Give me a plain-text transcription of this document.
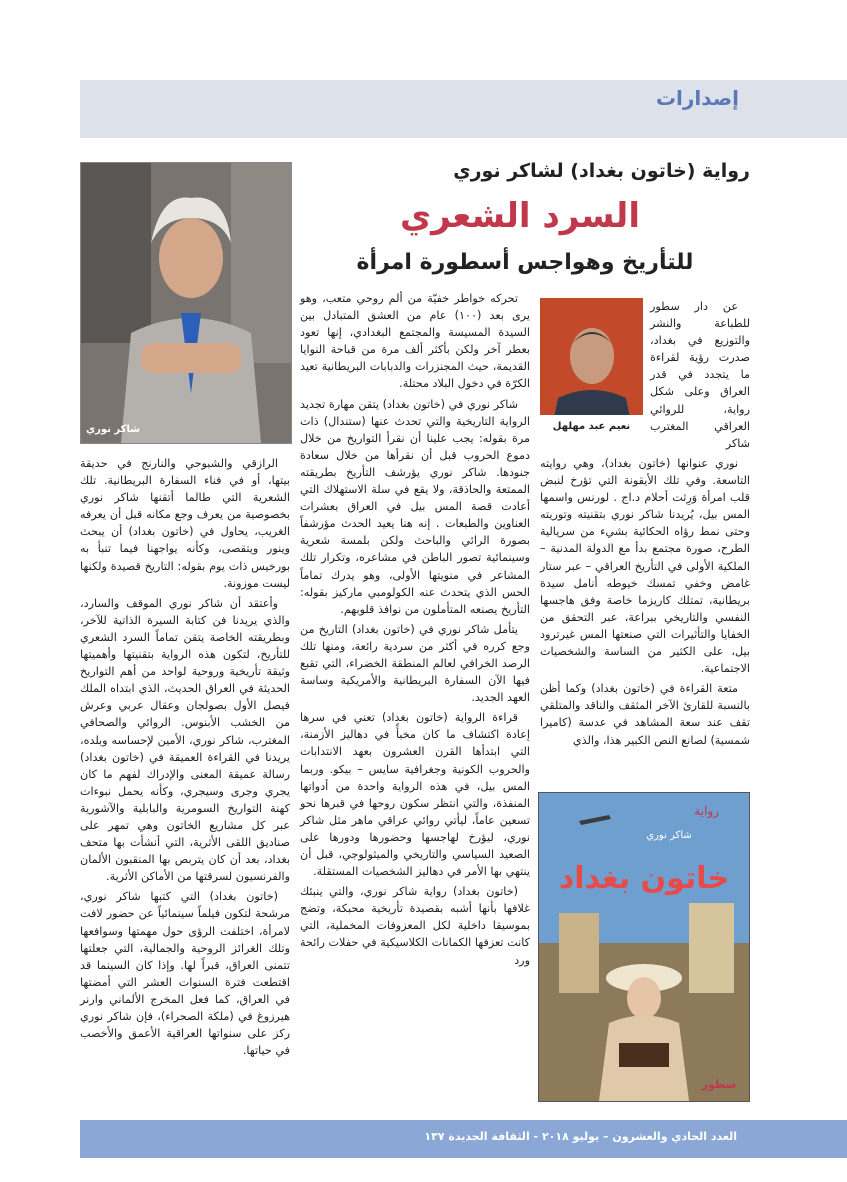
إصدارات
شاكر نوري
رواية (خاتون بغداد) لشاكر نوري
السرد الشعري
للتأريخ وهواجس أسطورة امرأة
نعيم عبد مهلهل

عن دار سطور للطباعة والنشر والتوزيع في بغداد، صدرت رؤية لقراءة ما يتجدد في قدر العراق وعلى شكل رواية، للروائي العراقي المغترب شاكر

نوري عنوانها (خاتون بغداد)، وهي روايته التاسعة. وفي تلك الأيقونة التي تؤرخ لنبض قلب امرأة وَرِثت أحلام د.اج . لورنس واسمها المس بيل، يُريدنا شاكر نوري بتقنيته وتوريته وحتى نمط رؤاه الحكائية بشيء من سريالية الطرح، صورة مجتمع بدأ مع الدولة المدنية – الملكية الأولى في التأريخ العراقي – عبر ستار غامض وخفي تمسك خيوطه أنامل سيدة بريطانية، تمتلك كاريزما خاصة وفق هاجسها النفسي والتاريخي ببراعة، عبر التحقق من الخفايا والتأثيرات التي صنعتها المس غيرترود بيل، على الكثير من الساسة والشخصيات الاجتماعية.

متعة القراءة في (خاتون بغداد) وكما أظن بالنسبة للقارئ الآخر المثقف والناقد والمتلقي تقف عند سعة المشاهد في عدسة (كاميرا شمسية) لصانع النص الكبير هذا، والذي

تحركه خواطر خفيّة من ألم روحي متعب، وهو يرى بعد (١٠٠) عام من العشق المتبادل بين السيدة المسيسة والمجتمع البغدادي، إنها تعود بعطر آخر ولكن بأكثر ألف مرة من قباحة النوايا القديمة، حيث المجنزرات والدبابات البريطانية تعيد الكرّة في دخول البلاد محتلة.

شاكر نوري في (خاتون بغداد) يتقن مهارة تجديد الرواية التاريخية والتي تحدث عنها (ستندال) ذات مرة بقوله: يجب علينا أن نقرأ التواريخ من خلال دموع الحروب قبل أن نقرأها من خلال سعادة جنودها. شاكر نوري يؤرشف التأريخ بطريقته الممتعة والحاذقة، ولا يقع في سلة الاستهلاك التي أعادت قصة المس بيل في العراق بعشرات العناوين والطبعات . إنه هنا يعيد الحدث مؤرشفاً بصورة الرائي والباحث ولكن بلمسة شعرية وسينمائية تصور الباطن في مشاعره، وتكرار تلك المشاعر في منويتها الأولى، وهو يدرك تماماً الحس الذي يتحدث عنه الكولومبي ماركيز بقوله: التأريخ يصنعه المتأملون من نوافذ قلوبهم.

يتأمل شاكر نوري في (خاتون بغداد) التاريخ من وجع كرره في أكثر من سردية رائعة، ومنها تلك الرصد الخرافي لعالم المنطقة الخضراء، التي تقبع فيها الآن السفارة البريطانية والأمريكية وساسة العهد الجديد.

قراءة الرواية (خاتون بغداد) تعني في سرها إعادة اكتشاف ما كان مخبأً في دهاليز الأزمنة، التي ابتدأها القرن العشرون بعهد الانتدابات والحروب الكونية وجغرافية سايس – بيكو. وربما المس بيل، في هذه الرواية واحدة من أدواتها المنفذة، والتي انتظر سكون روحها في قبرها نحو تسعين عاماً، ليأتي روائي عراقي ماهر مثل شاكر نوري، ليؤرخ لهاجسها وحضورها ودورها على الصعيد السياسي والتاريخي والميثولوجي، قبل أن ينتهي بها الأمر في دهاليز الشخصيات المستقلة.

(خاتون بغداد) رواية شاكر نوري، والتي ينبئك غلافها بأنها أشبه بقصيدة تأريخية محبكة، وتضج بموسيقا داخلية لكل المعزوفات المخملية، التي كانت تعزفها الكمانات الكلاسيكية في حفلات رائحة ورد

الرازقي والشبوحي والنارنج في حديقة بيتها، أو في فناء السفارة البريطانية. تلك الشعرية التي طالما أتقنها شاكر نوري بخصوصية من يعرف وجع مكانه قبل أن يعرفه الغريب، يحاول في (خاتون بغداد) أن يبحث وينور ويتقصى، وكأنه يواجهنا فيما تنبأ به بورخيس ذات يوم بقوله: التاريخ قصيدة ولكنها ليست موزونة.

وأعتقد أن شاكر نوري الموقف والسارد، والذي يريدنا فن كتابة السيرة الذاتية للآخر، وبطريقته الخاصة يتقن تماماً السرد الشعري للتأريخ، لتكون هذه الرواية بتقنيتها وأهميتها وثيقة تأريخية وروحية لواحد من أهم التواريخ الحديثة في العراق الحديث، الذي ابتداه الملك فيصل الأول بصولجان وعقال عربي وعرش من الخشب الأبنوس. الروائي والصحافي المغترب، شاكر نوري، الأمين لإحساسه وبلده، يريدنا في القراءة العميقة في (خاتون بغداد) رسالة عميقة المعنى والإدراك لفهم ما كان يجري وجرى وسيجري، وكأنه يحمل نبوءات كهنة التواريخ السومرية والبابلية والآشورية عبر كل مشاريع الخاتون وهي تمهر على صناديق اللقى الأثرية، التي أنشأت بها متحف بغداد، بعد أن كان يتربص بها المنقبون الألمان والفرنسيون لسرقتها من الأماكن الأثرية.

(خاتون بغداد) التي كتبها شاكر نوري، مرشحة لتكون فيلماً سينمائياً عن حضور لافت لامرأة، اختلفت الرؤى حول مهمتها وسوافعها وتلك الغرائز الروحية والجمالية، التي جعلتها تتمنى العراق، قبراً لها. وإذا كان السينما قد اقتطعت فترة السنوات العشر التي أمضتها في العراق، كما فعل المخرج الألماني وارنر هيرزوغ في (ملكة الصحراء)، فإن شاكر نوري ركز على سنواتها العراقية الأعمق والأخصب في حياتها.

رواية
شاكر نوري
خاتون بغداد
سطور
العدد الحادي والعشرون – يوليو ٢٠١٨ - الثقافة الجديدة ١٣٧
